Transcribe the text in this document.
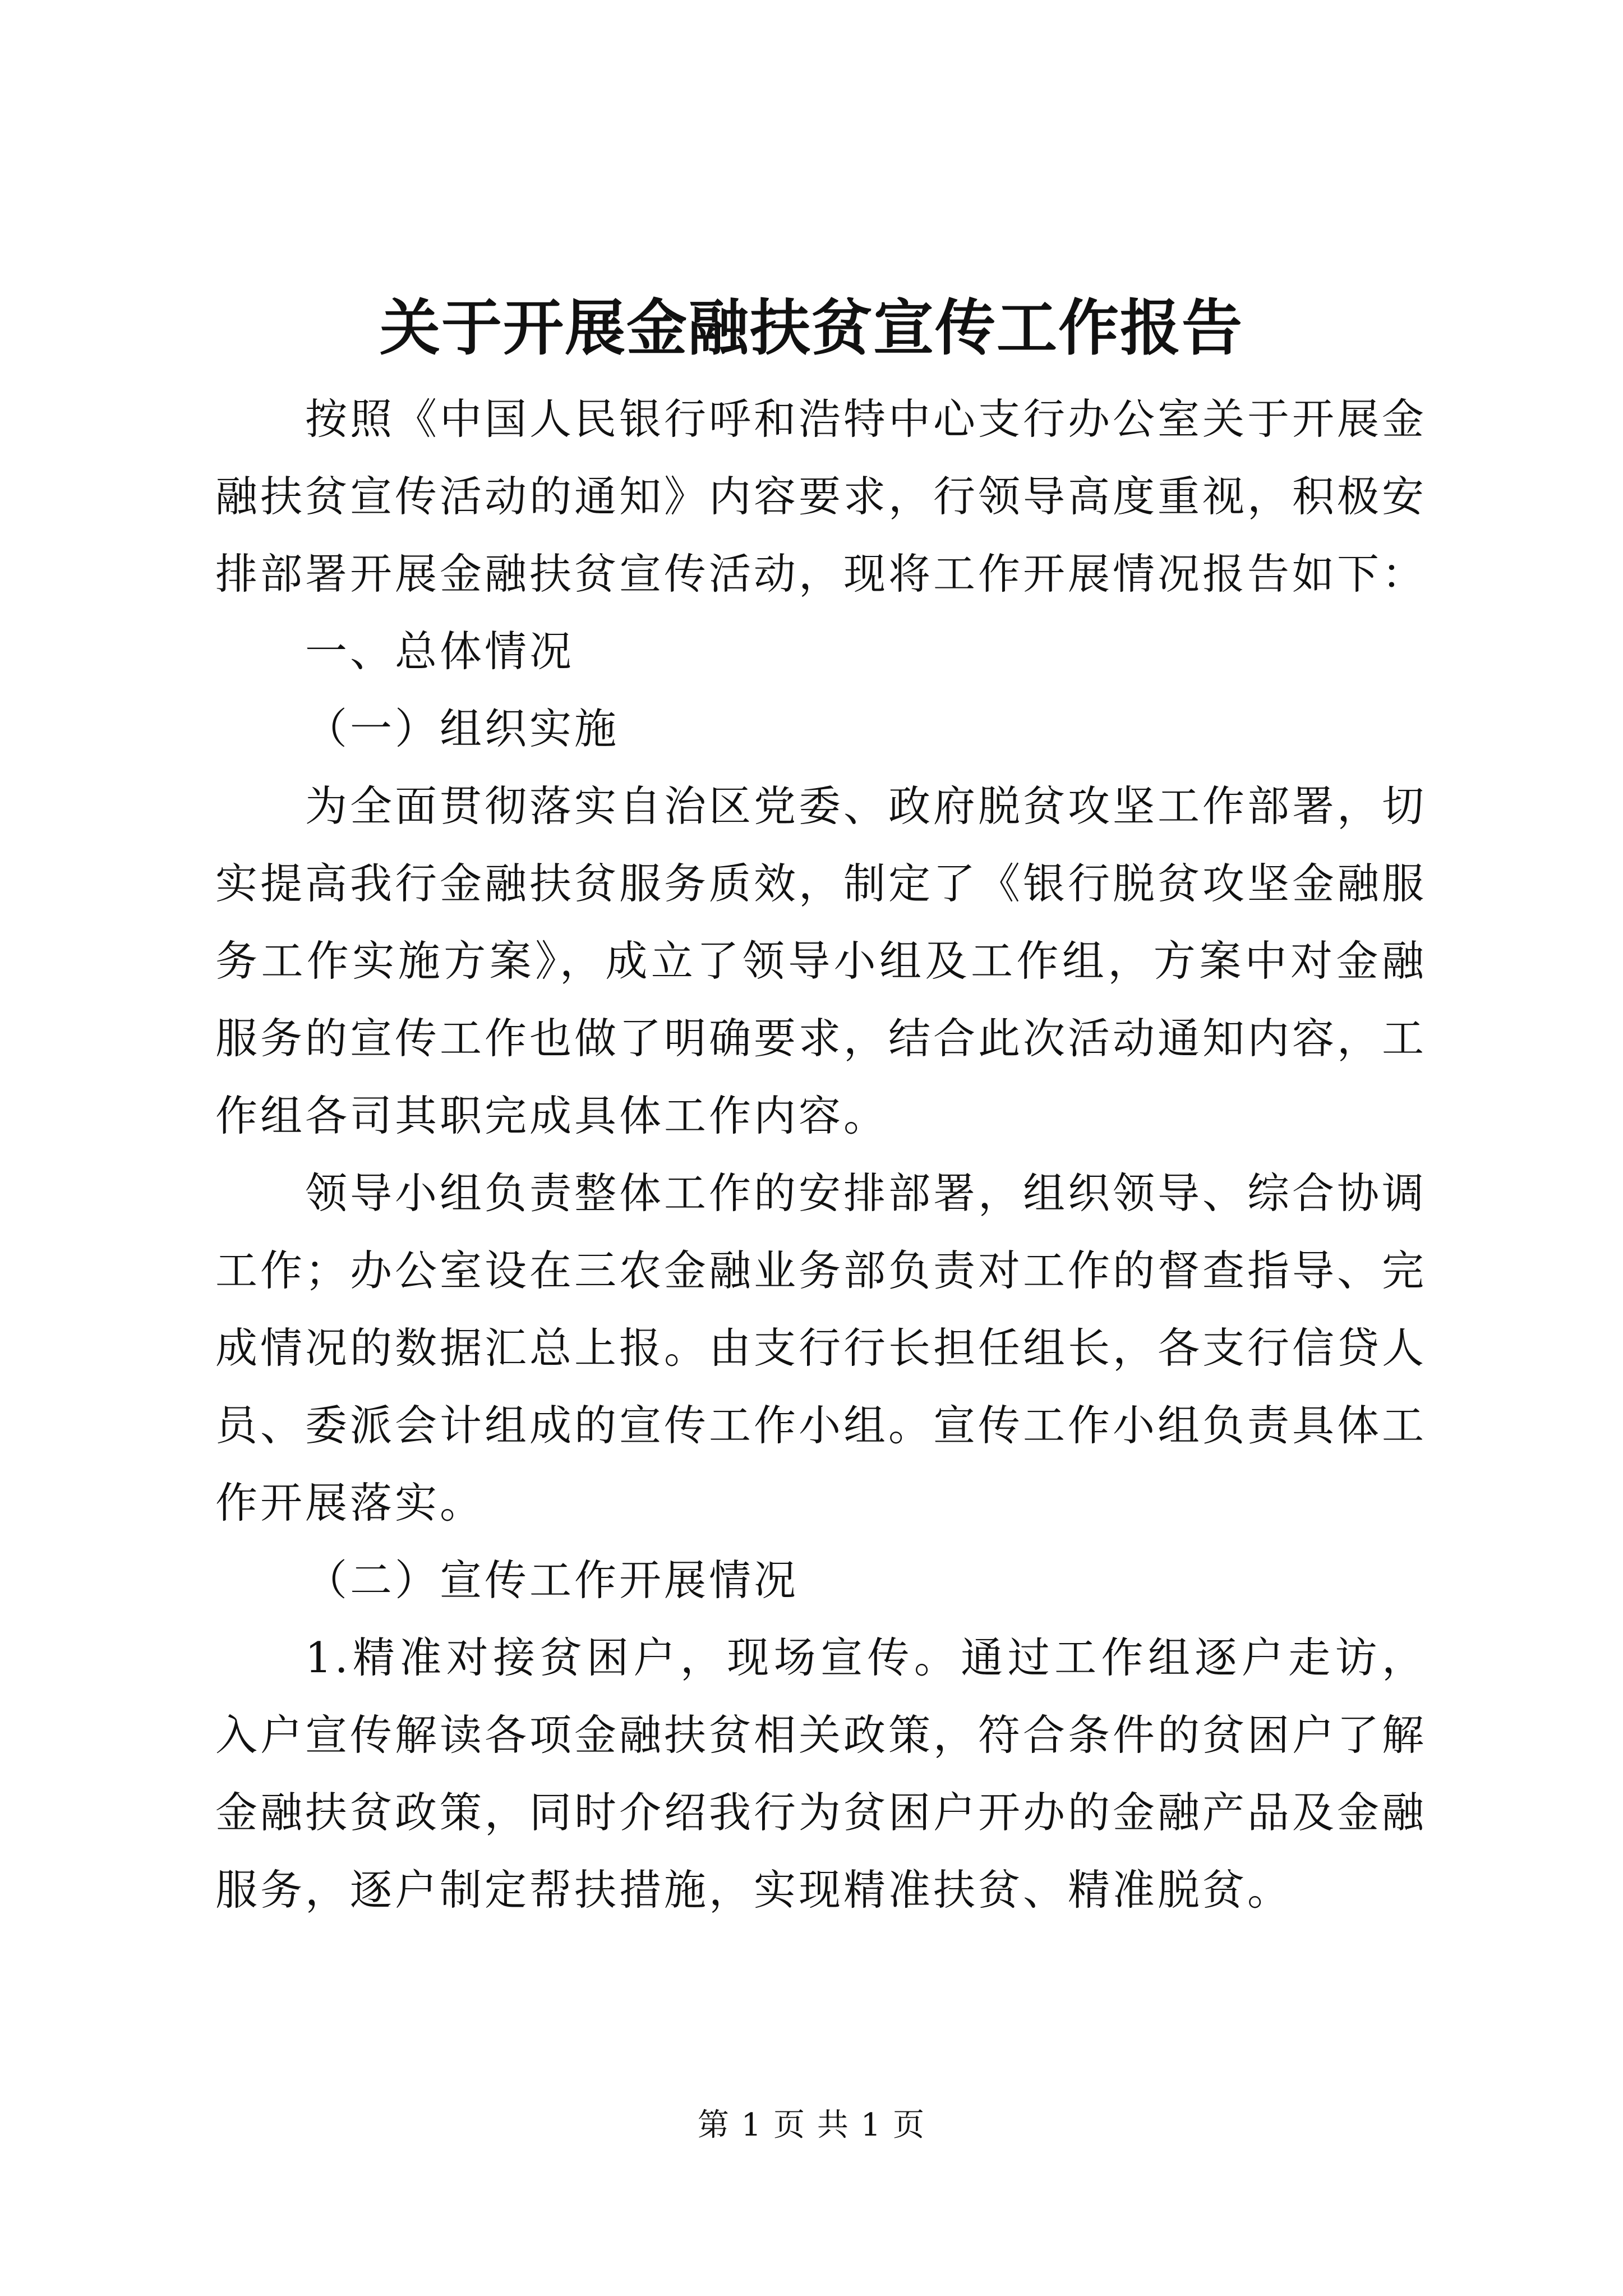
关于开展金融扶贫宣传工作报告

按照《中国人民银行呼和浩特中心支行办公室关于开展金融扶贫宣传活动的通知》内容要求，行领导高度重视，积极安排部署开展金融扶贫宣传活动，现将工作开展情况报告如下：

一、总体情况

（一）组织实施

为全面贯彻落实自治区党委、政府脱贫攻坚工作部署，切实提高我行金融扶贫服务质效，制定了《银行脱贫攻坚金融服务工作实施方案》，成立了领导小组及工作组，方案中对金融服务的宣传工作也做了明确要求，结合此次活动通知内容，工作组各司其职完成具体工作内容。

领导小组负责整体工作的安排部署，组织领导、综合协调工作；办公室设在三农金融业务部负责对工作的督查指导、完成情况的数据汇总上报。由支行行长担任组长，各支行信贷人员、委派会计组成的宣传工作小组。宣传工作小组负责具体工作开展落实。

（二）宣传工作开展情况

1.精准对接贫困户，现场宣传。通过工作组逐户走访，入户宣传解读各项金融扶贫相关政策，符合条件的贫困户了解金融扶贫政策，同时介绍我行为贫困户开办的金融产品及金融服务，逐户制定帮扶措施，实现精准扶贫、精准脱贫。

第 1 页 共 1 页
